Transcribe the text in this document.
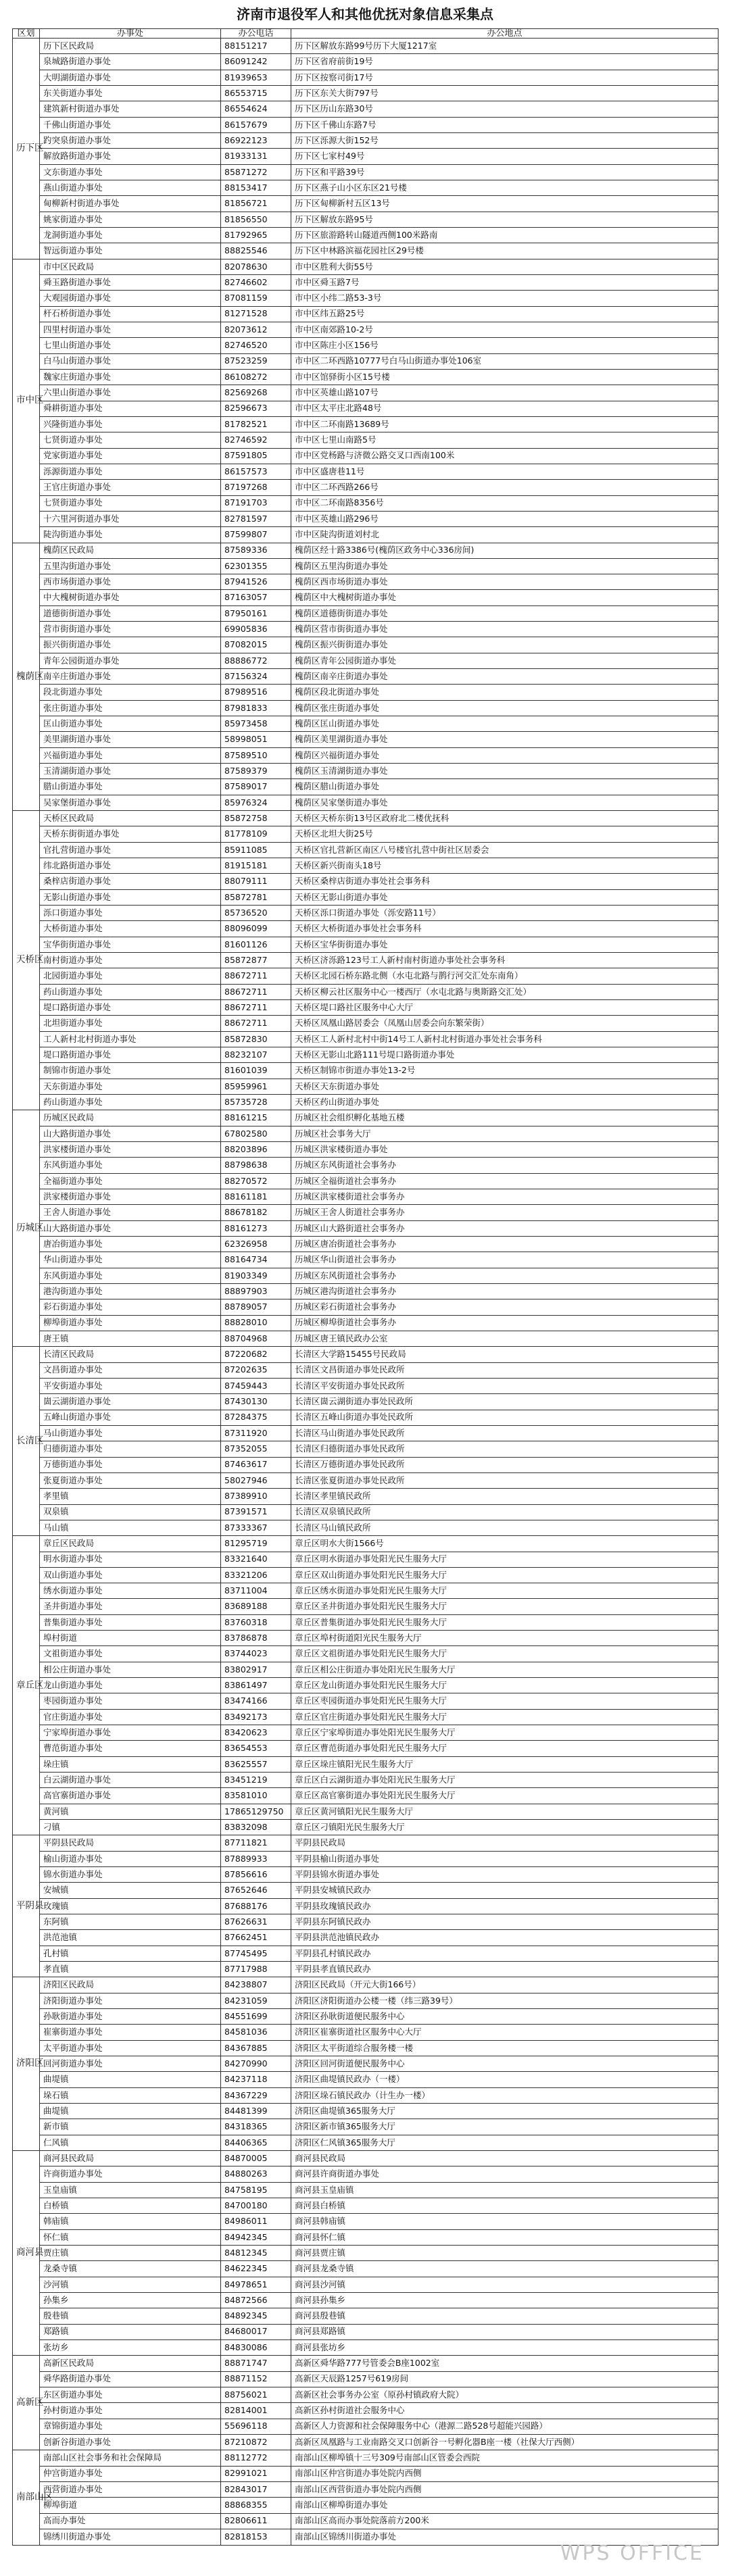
济南市退役军人和其他优抚对象信息采集点
区划	办事处	办公电话	办公地点
历下区	历下区民政局	88151217	历下区解放东路99号历下大厦1217室
	泉城路街道办事处	86091242	历下区省府前街19号
	大明湖街道办事处	81939653	历下区按察司街17号
	东关街道办事处	86553715	历下区东关大街797号
	建筑新村街道办事处	86554624	历下区历山东路30号
	千佛山街道办事处	86157679	历下区千佛山东路7号
	趵突泉街道办事处	86922123	历下区泺源大街152号
	解放路街道办事处	81933131	历下区七家村49号
	文东街道办事处	85871272	历下区和平路39号
	燕山街道办事处	88153417	历下区燕子山小区东区21号楼
	甸柳新村街道办事处	81856721	历下区甸柳新村五区13号
	姚家街道办事处	81856550	历下区解放东路95号
	龙洞街道办事处	81792965	历下区旅游路转山隧道西侧100米路南
	智远街道办事处	88825546	历下区中林路滨福花园社区29号楼
市中区	市中区民政局	82078630	市中区胜利大街55号
	舜玉路街道办事处	82746602	市中区舜玉路7号
	大观园街道办事处	87081159	市中区小纬二路53-3号
	杆石桥街道办事处	81271528	市中区纬五路25号
	四里村街道办事处	82073612	市中区南郊路10-2号
	七里山街道办事处	82746520	市中区陈庄小区156号
	白马山街道办事处	87523259	市中区二环西路10777号白马山街道办事处106室
	魏家庄街道办事处	86108272	市中区馆驿街小区15号楼
	六里山街道办事处	82569268	市中区英雄山路107号
	舜耕街道办事处	82596673	市中区太平庄北路48号
	兴隆街道办事处	81782521	市中区二环南路13689号
	七贤街道办事处	82746592	市中区七里山南路5号
	党家街道办事处	87591805	市中区党杨路与济微公路交叉口西南100米
	泺源街道办事处	86157573	市中区盛唐巷11号
	王官庄街道办事处	87197268	市中区二环西路266号
	七贤街道办事处	87191703	市中区二环南路8356号
	十六里河街道办事处	82781597	市中区英雄山路296号
	陡沟街道办事处	87599807	市中区陡沟街道刘村北
槐荫区	槐荫区民政局	87589336	槐荫区经十路3386号(槐荫区政务中心336房间)
	五里沟街道办事处	62301355	槐荫区五里沟街道办事处
	西市场街道办事处	87941526	槐荫区西市场街道办事处
	中大槐树街道办事处	87163057	槐荫区中大槐树街道办事处
	道德街街道办事处	87950161	槐荫区道德街街道办事处
	营市街街道办事处	69905836	槐荫区营市街街道办事处
	振兴街街道办事处	87082015	槐荫区振兴街街道办事处
	青年公园街道办事处	88886772	槐荫区青年公园街道办事处
	南辛庄街道办事处	87156324	槐荫区南辛庄街道办事处
	段北街道办事处	87989516	槐荫区段北街道办事处
	张庄街道办事处	87981833	槐荫区张庄街道办事处
	匡山街道办事处	85973458	槐荫区匡山街道办事处
	美里湖街道办事处	58998051	槐荫区美里湖街道办事处
	兴福街道办事处	87589510	槐荫区兴福街道办事处
	玉清湖街道办事处	87589379	槐荫区玉清湖街道办事处
	腊山街道办事处	87589017	槐荫区腊山街道办事处
	吴家堡街道办事处	85976324	槐荫区吴家堡街道办事处
天桥区	天桥区民政局	85872758	天桥区天桥东街13号区政府北二楼优抚科
	天桥东街街道办事处	81778109	天桥区北坦大街25号
	官扎营街道办事处	85911085	天桥区官扎营新区南区八号楼官扎营中街社区居委会
	纬北路街道办事处	81915181	天桥区新兴街南头18号
	桑梓店街道办事处	88079111	天桥区桑梓店街道办事处社会事务科
	无影山街道办事处	85872781	天桥区无影山街道办事处
	泺口街道办事处	85736520	天桥区泺口街道办事处（泺安路11号）
	大桥街道办事处	88096099	天桥区大桥街道办事处社会事务科
	宝华街街道办事处	81601126	天桥区宝华街街道办事处
	南村街道办事处	85872877	天桥区济泺路123号工人新村南村街道办事处社会事务科
	北园街道办事处	88672711	天桥区北园石桥东路北侧（水屯北路与鹊行河交汇处东南角）
	药山街道办事处	88672711	天桥区柳云社区服务中心一楼西厅（水屯北路与奥斯路交汇处）
	堤口路街道办事处	88672711	天桥区堤口路社区服务中心大厅
	北坦街道办事处	88672711	天桥区凤凰山路居委会（凤凰山居委会向东繁荣街）
	工人新村北村街道办事处	85872830	天桥区工人新村北村中街14号工人新村北村街道办事处社会事务科
	堤口路街道办事处	88232107	天桥区无影山北路111号堤口路街道办事处
	制锦市街道办事处	81601039	天桥区制锦市街道办事处13-2号
	天东街道办事处	85959961	天桥区天东街道办事处
	药山街道办事处	85735728	天桥区药山街道办事处
历城区	历城区民政局	88161215	历城区社会组织孵化基地五楼
	山大路街道办事处	67802580	历城区社会事务大厅
	洪家楼街道办事处	88203896	历城区洪家楼街道办事处
	东风街道办事处	88798638	历城区东风街道社会事务办
	全福街道办事处	88270572	历城区全福街道社会事务办
	洪家楼街道办事处	88161181	历城区洪家楼街道社会事务办
	王舍人街道办事处	88678182	历城区王舍人街道社会事务办
	山大路街道办事处	88161273	历城区山大路街道社会事务办
	唐冶街道办事处	62326958	历城区唐冶街道社会事务办
	华山街道办事处	88164734	历城区华山街道社会事务办
	东风街道办事处	81903349	历城区东风街道社会事务办
	港沟街道办事处	88897903	历城区港沟街道社会事务办
	彩石街道办事处	88789057	历城区彩石街道社会事务办
	柳埠街道办事处	88828010	历城区柳埠街道社会事务办
	唐王镇	88704968	历城区唐王镇民政办公室
长清区	长清区民政局	87220682	长清区大学路15455号民政局
	文昌街道办事处	87202635	长清区文昌街道办事处民政所
	平安街道办事处	87459443	长清区平安街道办事处民政所
	崮云湖街道办事处	87430130	长清区崮云湖街道办事处民政所
	五峰山街道办事处	87284375	长清区五峰山街道办事处民政所
	马山街道办事处	87311920	长清区马山街道办事处民政所
	归德街道办事处	87352055	长清区归德街道办事处民政所
	万德街道办事处	87463617	长清区万德街道办事处民政所
	张夏街道办事处	58027946	长清区张夏街道办事处民政所
	孝里镇	87389910	长清区孝里镇民政所
	双泉镇	87391571	长清区双泉镇民政所
	马山镇	87333367	长清区马山镇民政所
章丘区	章丘区民政局	81295719	章丘区明水大街1566号
	明水街道办事处	83321640	章丘区明水街道办事处阳光民生服务大厅
	双山街道办事处	83321206	章丘区双山街道办事处阳光民生服务大厅
	绣水街道办事处	83711004	章丘区绣水街道办事处阳光民生服务大厅
	圣井街道办事处	83689188	章丘区圣井街道办事处阳光民生服务大厅
	普集街道办事处	83760318	章丘区普集街道办事处阳光民生服务大厅
	埠村街道	83786878	章丘区埠村街道阳光民生服务大厅
	文祖街道办事处	83744023	章丘区文祖街道办事处阳光民生服务大厅
	相公庄街道办事处	83802917	章丘区相公庄街道办事处阳光民生服务大厅
	龙山街道办事处	83861497	章丘区龙山街道办事处阳光民生服务大厅
	枣园街道办事处	83474166	章丘区枣园街道办事处阳光民生服务大厅
	官庄街道办事处	83492173	章丘区官庄街道办事处阳光民生服务大厅
	宁家埠街道办事处	83420623	章丘区宁家埠街道办事处阳光民生服务大厅
	曹范街道办事处	83654553	章丘区曹范街道办事处阳光民生服务大厅
	垛庄镇	83625557	章丘区垛庄镇阳光民生服务大厅
	白云湖街道办事处	83451219	章丘区白云湖街道办事处阳光民生服务大厅
	高官寨街道办事处	83581010	章丘区高官寨街道办事处阳光民生服务大厅
	黄河镇	17865129750	章丘区黄河镇阳光民生服务大厅
	刁镇	83832098	章丘区刁镇阳光民生服务大厅
平阴县	平阴县民政局	87711821	平阴县民政局
	榆山街道办事处	87889933	平阴县榆山街道办事处
	锦水街道办事处	87856616	平阴县锦水街道办事处
	安城镇	87652646	平阴县安城镇民政办
	玫瑰镇	87688176	平阴县玫瑰镇民政办
	东阿镇	87626631	平阴县东阿镇民政办
	洪范池镇	87662451	平阴县洪范池镇民政办
	孔村镇	87745495	平阴县孔村镇民政办
	孝直镇	87717988	平阴县孝直镇民政办
济阳区	济阳区民政局	84238807	济阳区民政局（开元大街166号）
	济阳街道办事处	84231059	济阳区济阳街道办公楼一楼（纬三路39号）
	孙耿街道办事处	84551699	济阳区孙耿街道便民服务中心
	崔寨街道办事处	84581036	济阳区崔寨街道社区服务中心大厅
	太平街道办事处	84367885	济阳区太平街道综合服务楼一楼
	回河街道办事处	84270990	济阳区回河街道便民服务中心
	曲堤镇	84237118	济阳区曲堤镇民政办（一楼）
	垛石镇	84367229	济阳区垛石镇民政办（计生办一楼）
	曲堤镇	84481399	济阳区曲堤镇365服务大厅
	新市镇	84318365	济阳区新市镇365服务大厅
	仁风镇	84406365	济阳区仁风镇365服务大厅
商河县	商河县民政局	84870005	商河县民政局
	许商街道办事处	84880263	商河县许商街道办事处
	玉皇庙镇	84758195	商河县玉皇庙镇
	白桥镇	84700180	商河县白桥镇
	韩庙镇	84986011	商河县韩庙镇
	怀仁镇	84942345	商河县怀仁镇
	贾庄镇	84812345	商河县贾庄镇
	龙桑寺镇	84622345	商河县龙桑寺镇
	沙河镇	84978651	商河县沙河镇
	孙集乡	84872566	商河县孙集乡
	殷巷镇	84892345	商河县殷巷镇
	郑路镇	84680017	商河县郑路镇
	张坊乡	84830086	商河县张坊乡
高新区	高新区民政局	88871747	高新区舜华路777号管委会B座1002室
	舜华路街道办事处	88871152	高新区天辰路1257号619房间
	东区街道办事处	88756021	高新区社会事务办公室（原孙村镇政府大院）
	孙村街道办事处	82814001	高新区孙村街道社会服务中心
	章锦街道办事处	55696118	高新区人力资源和社会保障服务中心（港源二路528号超能兴园路）
	创新谷街道办事处	87210872	高新区凤凰路与工业南路交叉口创新谷一号孵化器B座一楼（社保大厅西侧）
南部山区	南部山区社会事务和社会保障局	88112772	南部山区柳埠镇十三号309号南部山区管委会西院
	仲宫街道办事处	82991021	南部山区仲宫街道办事处院内西侧
	西营街道办事处	82843017	南部山区西营街道办事处院内西侧
	柳埠街道	88868355	南部山区柳埠街道办事处
	高而办事处	82806611	南部山区高而办事处院落前方200米
	锦绣川街道办事处	82818153	南部山区锦绣川街道办事处
WPS OFFICE
